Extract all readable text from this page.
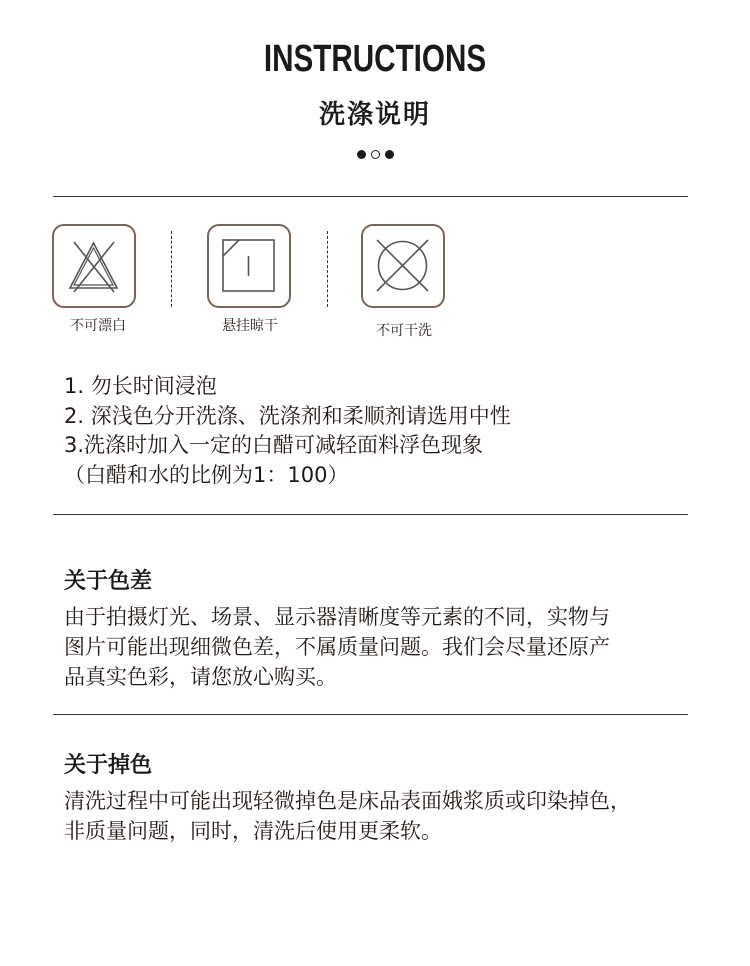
INSTRUCTIONS
洗涤说明
不可漂白	悬挂晾干	不可干洗
1. 勿长时间浸泡
2. 深浅色分开洗涤、洗涤剂和柔顺剂请选用中性
3.洗涤时加入一定的白醋可减轻面料浮色现象
（白醋和水的比例为1：100）
关于色差
由于拍摄灯光、场景、显示器清晰度等元素的不同，实物与
图片可能出现细微色差，不属质量问题。我们会尽量还原产
品真实色彩，请您放心购买。
关于掉色
清洗过程中可能出现轻微掉色是床品表面娥浆质或印染掉色，
非质量问题，同时，清洗后使用更柔软。
